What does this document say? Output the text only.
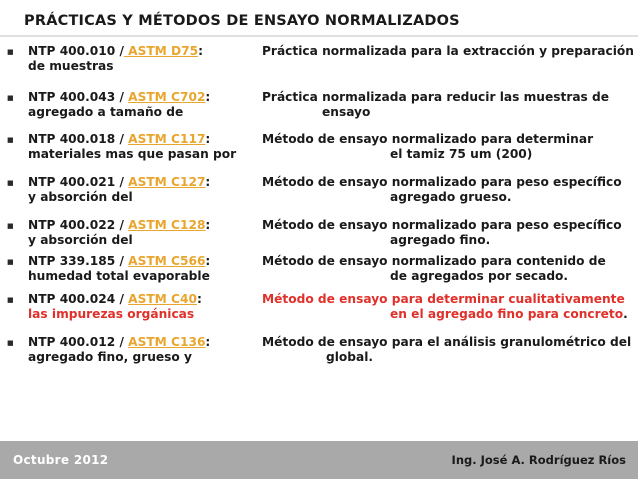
PRÁCTICAS Y MÉTODOS DE ENSAYO NORMALIZADOS
■ NTP 400.010 / ASTM D75:
de muestras
Práctica normalizada para la extracción y preparación
■ NTP 400.043 / ASTM C702:
agregado a tamaño de
Práctica normalizada para reducir las muestras de
ensayo
■ NTP 400.018 / ASTM C117:
materiales mas que pasan por
Método de ensayo normalizado para determinar
el tamiz 75 um (200)
■ NTP 400.021 / ASTM C127:
y absorción del
Método de ensayo normalizado para peso específico
agregado grueso.
■ NTP 400.022 / ASTM C128:
y absorción del
Método de ensayo normalizado para peso específico
agregado fino.
■ NTP 339.185 / ASTM C566:
humedad total evaporable
Método de ensayo normalizado para contenido de
de agregados por secado.
■ NTP 400.024 / ASTM C40:
las impurezas orgánicas
Método de ensayo para determinar cualitativamente
en el agregado fino para concreto.
■ NTP 400.012 / ASTM C136:
agregado fino, grueso y
Método de ensayo para el análisis granulométrico del
global.
Octubre 2012	Ing. José A. Rodríguez Ríos
